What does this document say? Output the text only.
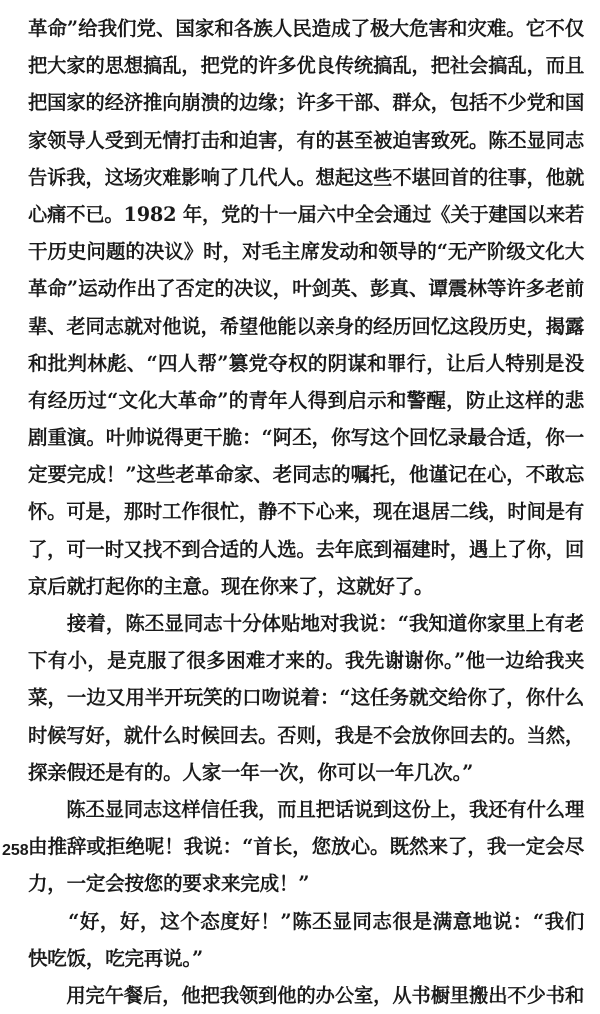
革命”给我们党、国家和各族人民造成了极大危害和灾难。它不仅
把大家的思想搞乱，把党的许多优良传统搞乱，把社会搞乱，而且
把国家的经济推向崩溃的边缘；许多干部、群众，包括不少党和国
家领导人受到无情打击和迫害，有的甚至被迫害致死。陈丕显同志
告诉我，这场灾难影响了几代人。想起这些不堪回首的往事，他就
心痛不已。1982 年，党的十一届六中全会通过《关于建国以来若
干历史问题的决议》时，对毛主席发动和领导的“无产阶级文化大
革命”运动作出了否定的决议，叶剑英、彭真、谭震林等许多老前
辈、老同志就对他说，希望他能以亲身的经历回忆这段历史，揭露
和批判林彪、“四人帮”篡党夺权的阴谋和罪行，让后人特别是没
有经历过“文化大革命”的青年人得到启示和警醒，防止这样的悲
剧重演。叶帅说得更干脆：“阿丕，你写这个回忆录最合适，你一
定要完成！”这些老革命家、老同志的嘱托，他谨记在心，不敢忘
怀。可是，那时工作很忙，静不下心来，现在退居二线，时间是有
了，可一时又找不到合适的人选。去年底到福建时，遇上了你，回
京后就打起你的主意。现在你来了，这就好了。
　　接着，陈丕显同志十分体贴地对我说：“我知道你家里上有老
下有小，是克服了很多困难才来的。我先谢谢你。”他一边给我夹
菜，一边又用半开玩笑的口吻说着：“这任务就交给你了，你什么
时候写好，就什么时候回去。否则，我是不会放你回去的。当然，
探亲假还是有的。人家一年一次，你可以一年几次。”
　　陈丕显同志这样信任我，而且把话说到这份上，我还有什么理
由推辞或拒绝呢！我说：“首长，您放心。既然来了，我一定会尽
力，一定会按您的要求来完成！”
　　“好，好，这个态度好！”陈丕显同志很是满意地说：“我们
快吃饭，吃完再说。”
　　用完午餐后，他把我领到他的办公室，从书橱里搬出不少书和
258
